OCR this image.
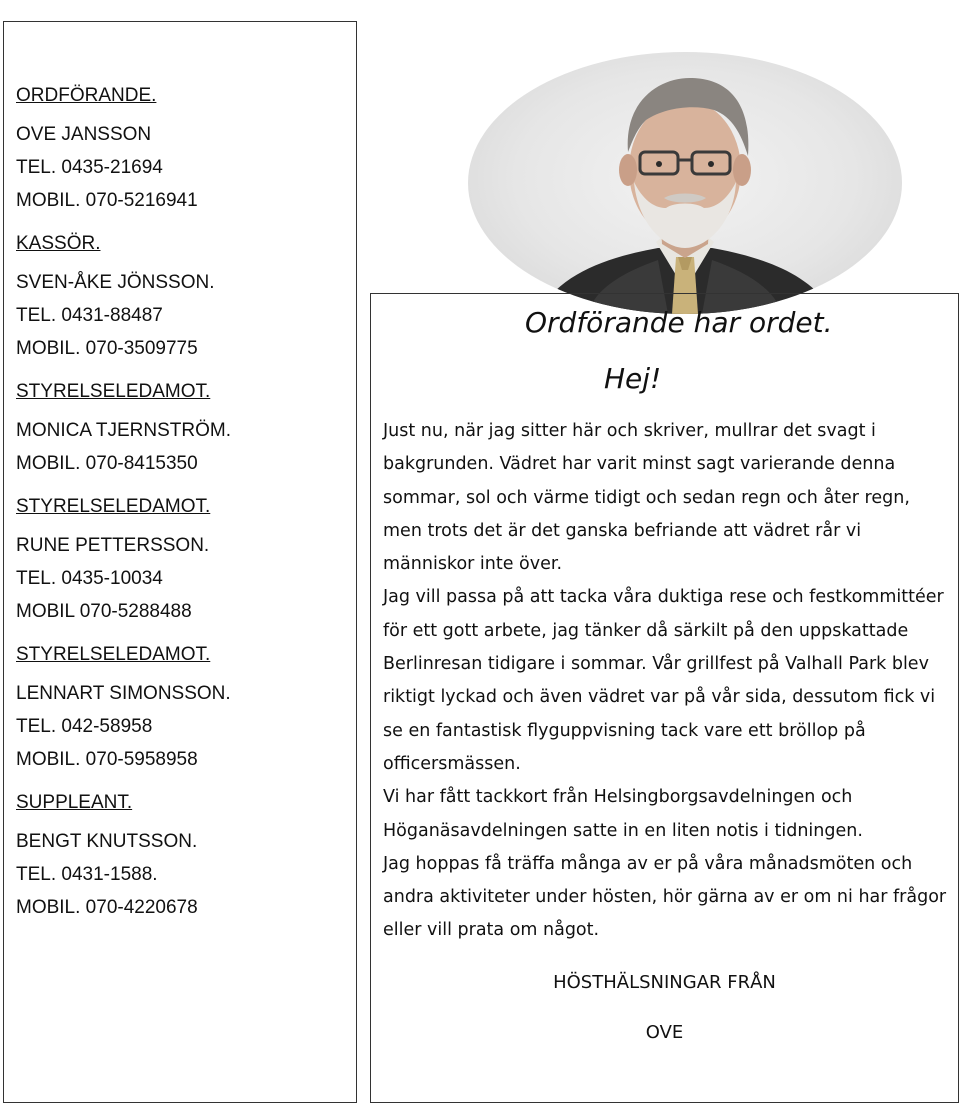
ORDFÖRANDE.
OVE JANSSON
TEL. 0435-21694
MOBIL. 070-5216941
KASSÖR.
SVEN-ÅKE JÖNSSON.
TEL. 0431-88487
MOBIL. 070-3509775
STYRELSELEDAMOT.
MONICA TJERNSTRÖM.
MOBIL. 070-8415350
STYRELSELEDAMOT.
RUNE PETTERSSON.
TEL. 0435-10034
MOBIL 070-5288488
STYRELSELEDAMOT.
LENNART SIMONSSON.
TEL. 042-58958
MOBIL. 070-5958958
SUPPLEANT.
BENGT KNUTSSON.
TEL. 0431-1588.
MOBIL. 070-4220678
Ordförande har ordet.
Hej!

Just nu, när jag sitter här och skriver, mullrar det svagt i bakgrunden. Vädret har varit minst sagt varierande denna sommar, sol och värme tidigt och sedan regn och åter regn, men trots det är det ganska befriande att vädret rår vi människor inte över.

Jag vill passa på att tacka våra duktiga rese och festkommittéer för ett gott arbete, jag tänker då särkilt på den uppskattade Berlinresan tidigare i sommar. Vår grillfest på Valhall Park blev riktigt lyckad och även vädret var på vår sida, dessutom fick vi se en fantastisk flyguppvisning tack vare ett bröllop på officersmässen.

Vi har fått tackkort från Helsingborgsavdelningen och Höganäsavdelningen satte in en liten notis i tidningen.

Jag hoppas få träffa många av er på våra månadsmöten och andra aktiviteter under hösten, hör gärna av er om ni har frågor eller vill prata om något.

HÖSTHÄLSNINGAR FRÅN
OVE
